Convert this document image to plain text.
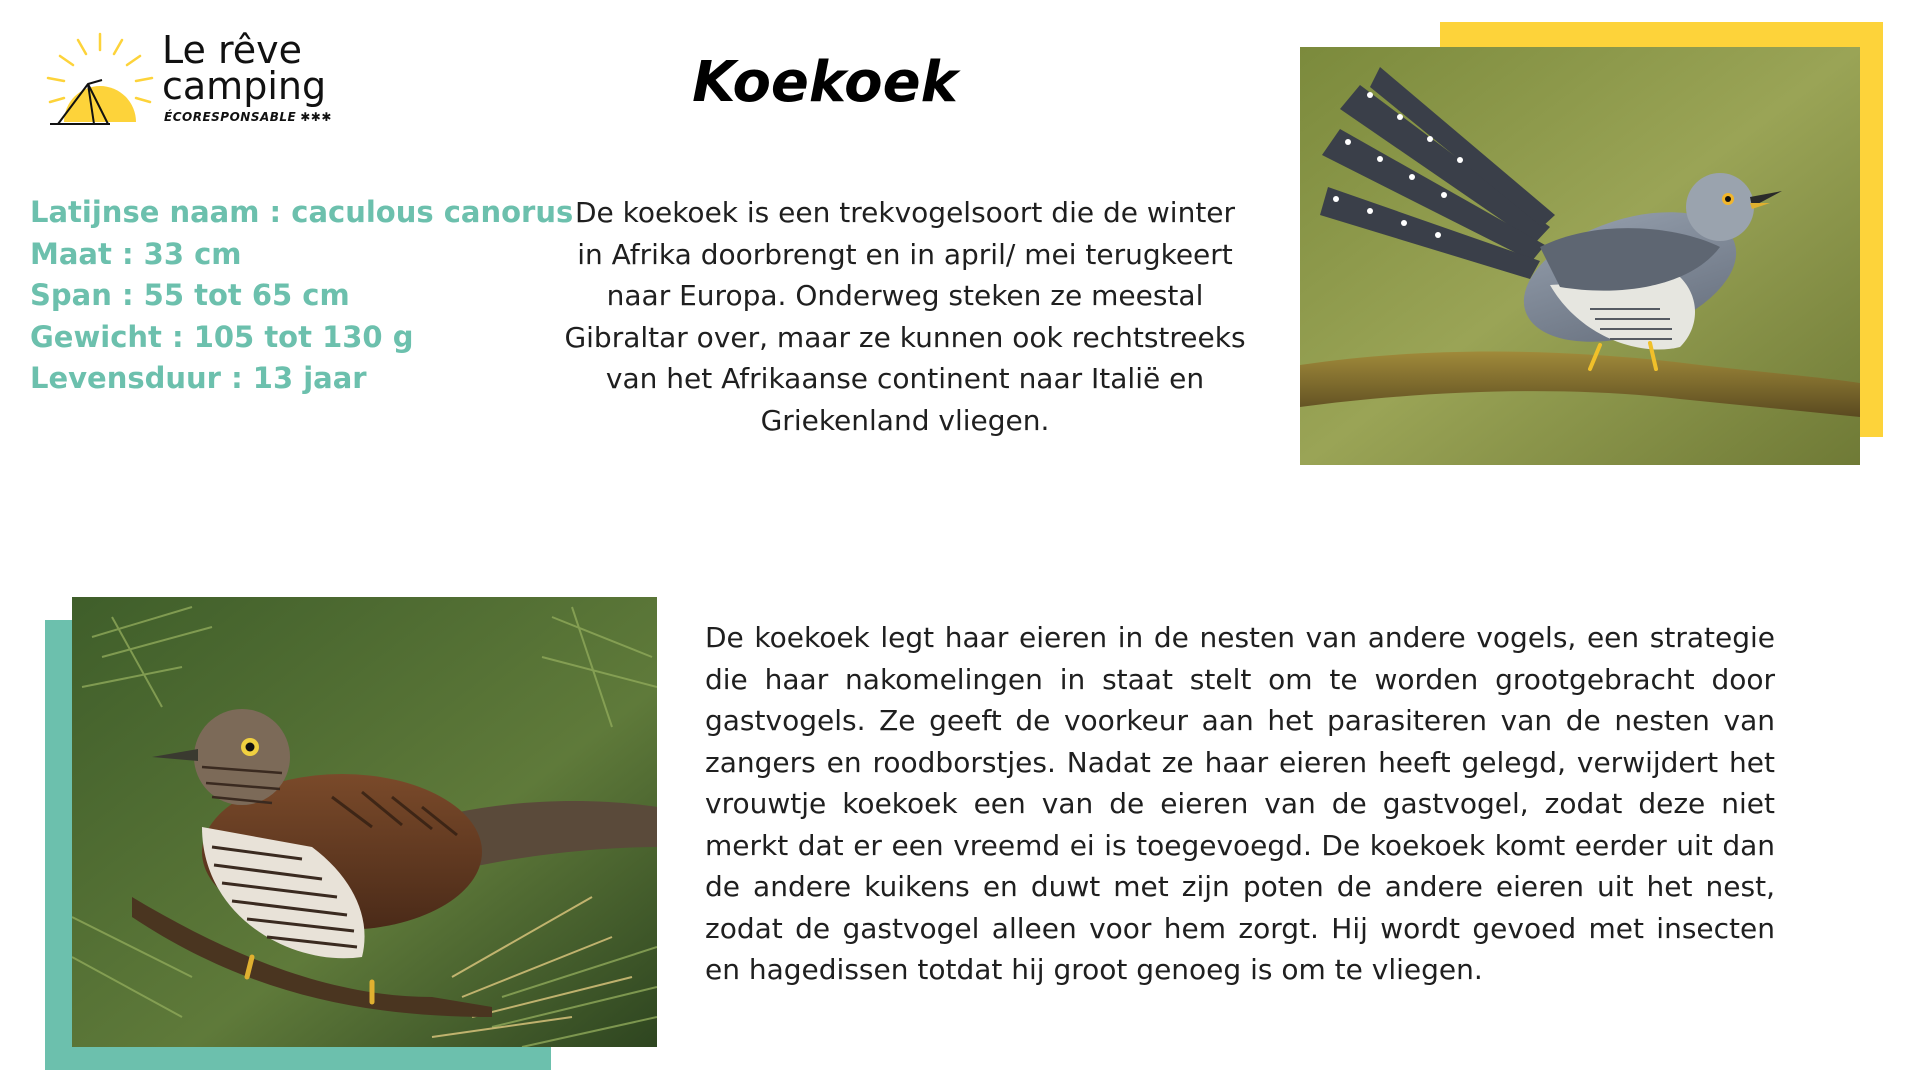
Le rêve
camping
ÉCORESPONSABLE ✱✱✱
Koekoek
Latijnse naam : caculous canorus
Maat : 33 cm
Span : 55 tot 65 cm
Gewicht : 105 tot 130 g
Levensduur : 13 jaar
De koekoek is een trekvogelsoort die de winter in Afrika doorbrengt en in april/ mei terugkeert naar Europa. Onderweg steken ze meestal Gibraltar over, maar ze kunnen ook rechtstreeks van het Afrikaanse continent naar Italië en Griekenland vliegen.
De koekoek legt haar eieren in de nesten van andere vogels, een strategie die haar nakomelingen in staat stelt om te worden grootgebracht door gastvogels. Ze geeft de voorkeur aan het parasiteren van de nesten van zangers en roodborstjes. Nadat ze haar eieren heeft gelegd, verwijdert het vrouwtje koekoek een van de eieren van de gastvogel, zodat deze niet merkt dat er een vreemd ei is toegevoegd. De koekoek komt eerder uit dan de andere kuikens en duwt met zijn poten de andere eieren uit het nest, zodat de gastvogel alleen voor hem zorgt. Hij wordt gevoed met insecten en hagedissen totdat hij groot genoeg is om te vliegen.
